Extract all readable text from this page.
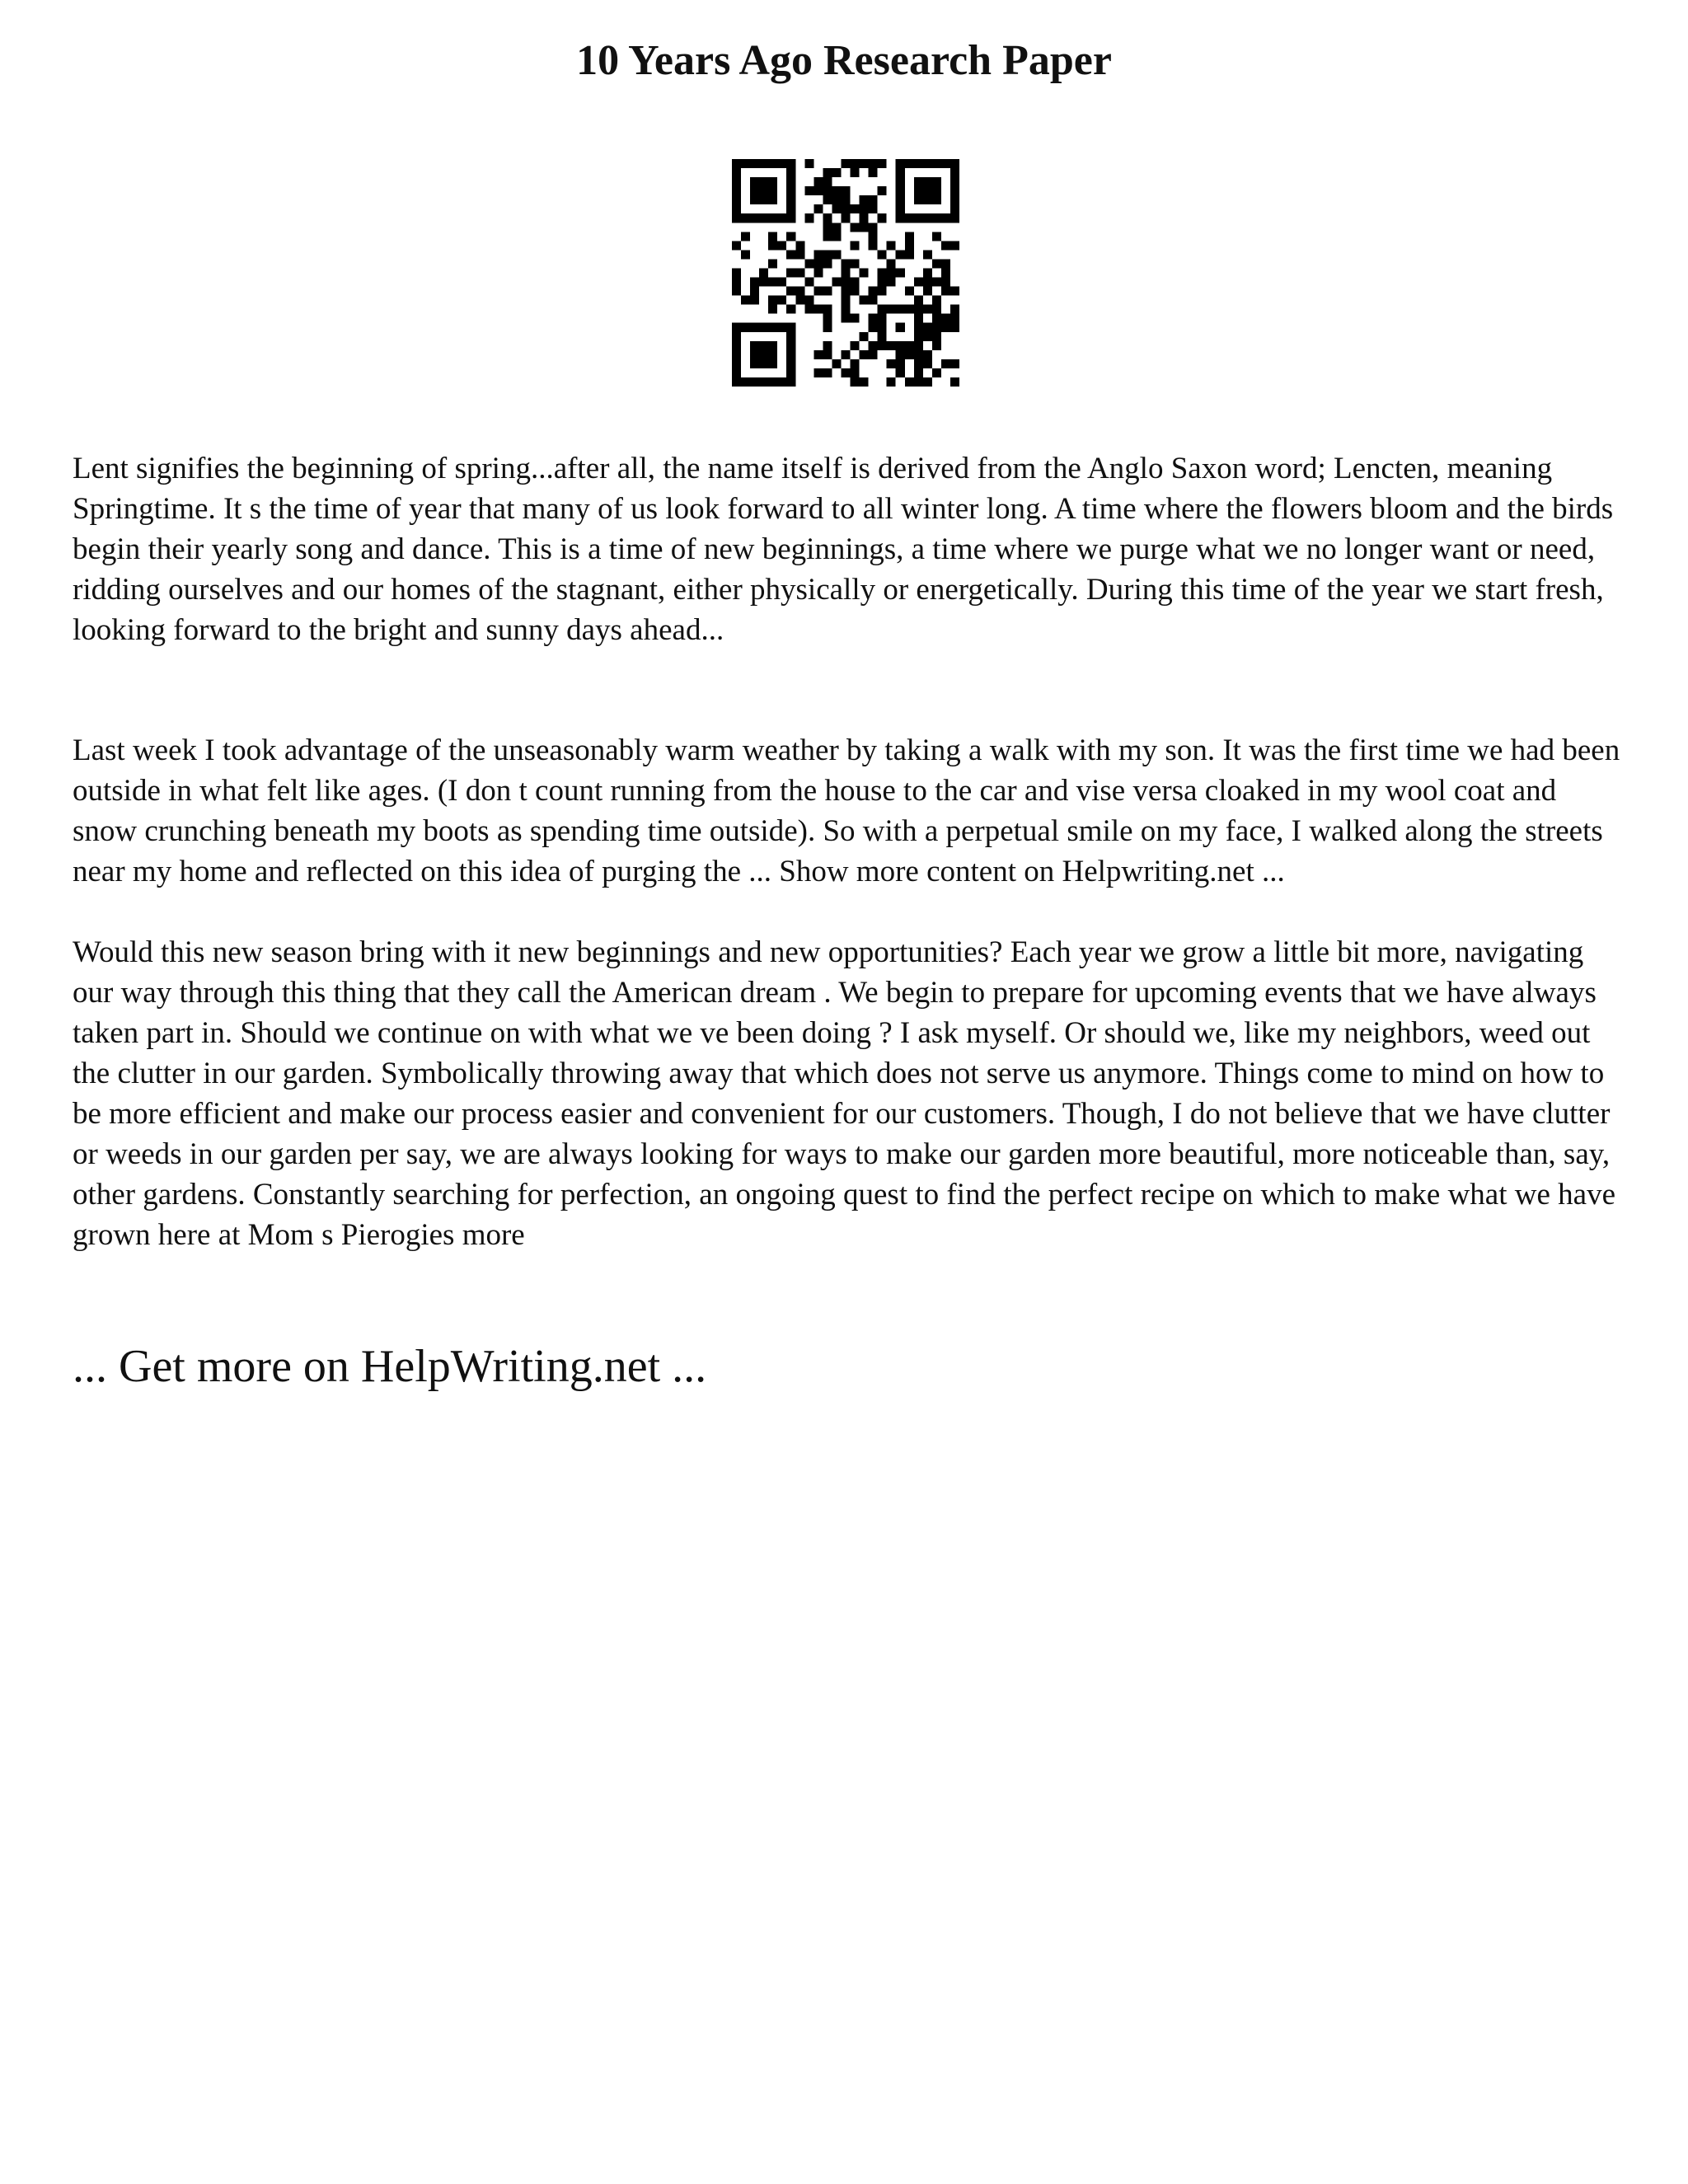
10 Years Ago Research Paper

Lent signifies the beginning of spring...after all, the name itself is derived from the Anglo Saxon word; Lencten, meaning Springtime. It s the time of year that many of us look forward to all winter long. A time where the flowers bloom and the birds begin their yearly song and dance. This is a time of new beginnings, a time where we purge what we no longer want or need, ridding ourselves and our homes of the stagnant, either physically or energetically. During this time of the year we start fresh, looking forward to the bright and sunny days ahead...

Last week I took advantage of the unseasonably warm weather by taking a walk with my son. It was the first time we had been outside in what felt like ages. (I don t count running from the house to the car and vise versa cloaked in my wool coat and snow crunching beneath my boots as spending time outside). So with a perpetual smile on my face, I walked along the streets near my home and reflected on this idea of purging the ... Show more content on Helpwriting.net ...

Would this new season bring with it new beginnings and new opportunities? Each year we grow a little bit more, navigating our way through this thing that they call the American dream . We begin to prepare for upcoming events that we have always taken part in. Should we continue on with what we ve been doing ? I ask myself. Or should we, like my neighbors, weed out the clutter in our garden. Symbolically throwing away that which does not serve us anymore. Things come to mind on how to be more efficient and make our process easier and convenient for our customers. Though, I do not believe that we have clutter or weeds in our garden per say, we are always looking for ways to make our garden more beautiful, more noticeable than, say, other gardens. Constantly searching for perfection, an ongoing quest to find the perfect recipe on which to make what we have grown here at Mom s Pierogies more

... Get more on HelpWriting.net ...
